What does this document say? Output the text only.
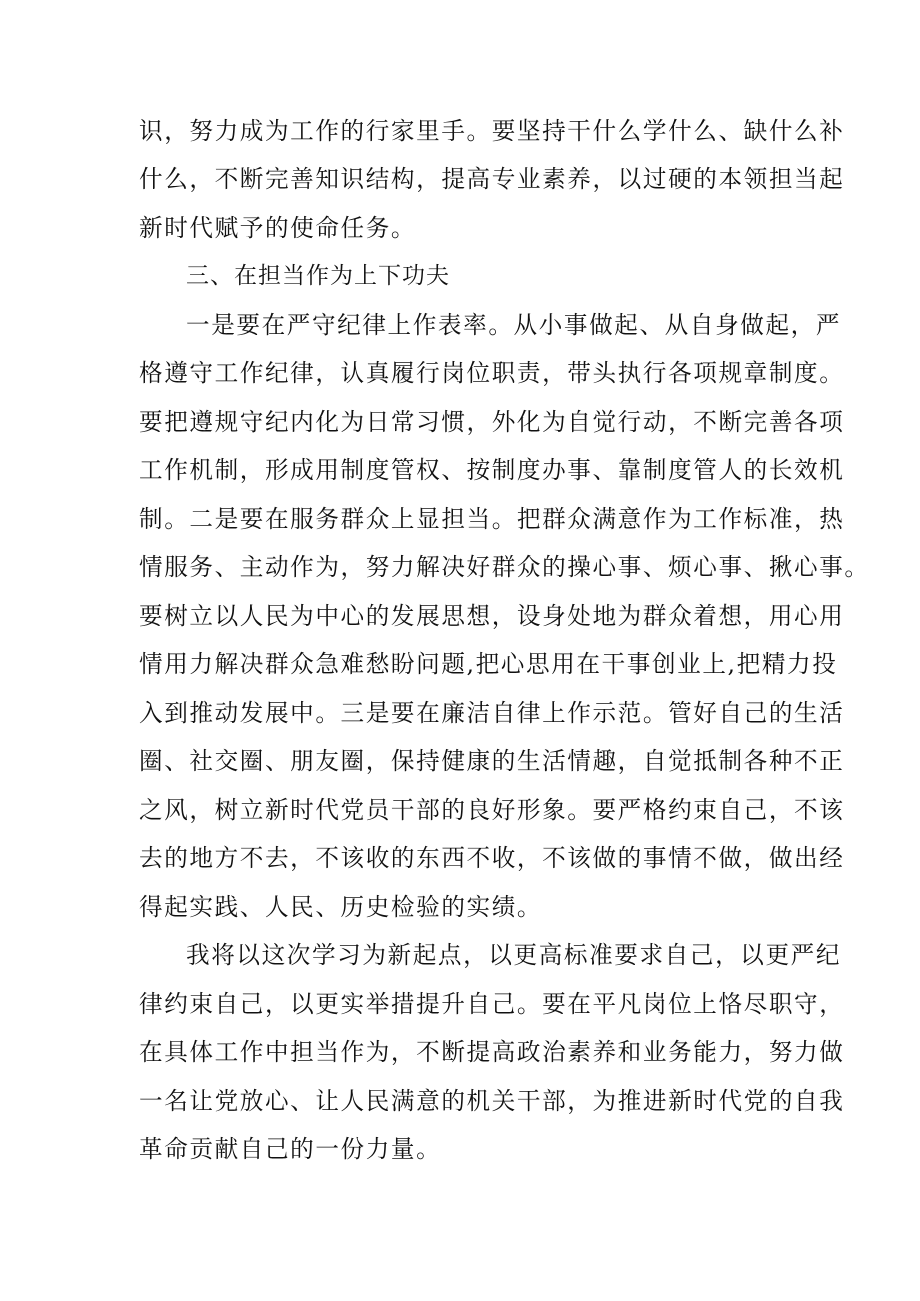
识，努力成为工作的行家里手。要坚持干什么学什么、缺什么补
什么，不断完善知识结构，提高专业素养，以过硬的本领担当起
新时代赋予的使命任务。
三、在担当作为上下功夫
一是要在严守纪律上作表率。从小事做起、从自身做起，严
格遵守工作纪律，认真履行岗位职责，带头执行各项规章制度。
要把遵规守纪内化为日常习惯，外化为自觉行动，不断完善各项
工作机制，形成用制度管权、按制度办事、靠制度管人的长效机
制。二是要在服务群众上显担当。把群众满意作为工作标准，热
情服务、主动作为，努力解决好群众的操心事、烦心事、揪心事。
要树立以人民为中心的发展思想，设身处地为群众着想，用心用
情用力解决群众急难愁盼问题,把心思用在干事创业上,把精力投
入到推动发展中。三是要在廉洁自律上作示范。管好自己的生活
圈、社交圈、朋友圈，保持健康的生活情趣，自觉抵制各种不正
之风，树立新时代党员干部的良好形象。要严格约束自己，不该
去的地方不去，不该收的东西不收，不该做的事情不做，做出经
得起实践、人民、历史检验的实绩。
我将以这次学习为新起点，以更高标准要求自己，以更严纪
律约束自己，以更实举措提升自己。要在平凡岗位上恪尽职守，
在具体工作中担当作为，不断提高政治素养和业务能力，努力做
一名让党放心、让人民满意的机关干部，为推进新时代党的自我
革命贡献自己的一份力量。
